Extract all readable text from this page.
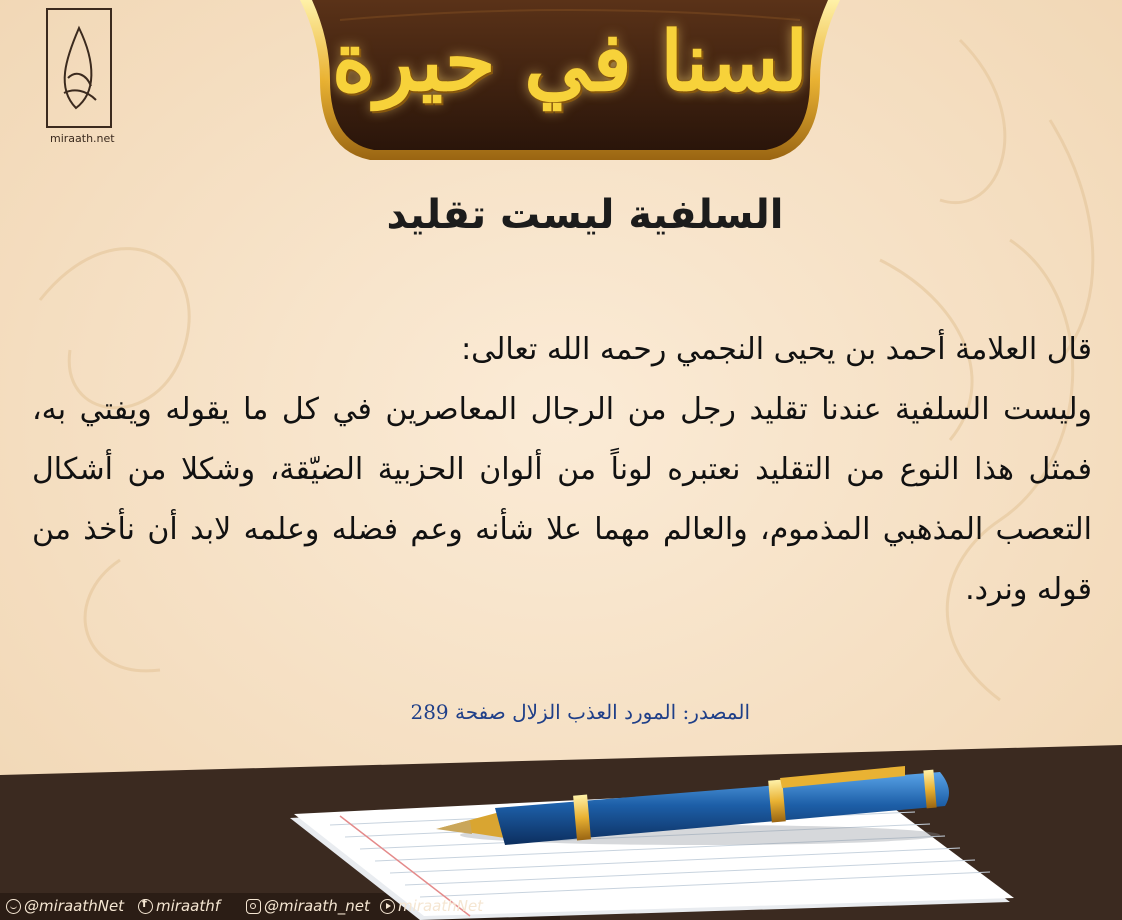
لسنا في حيرة
miraath.net
السلفية ليست تقليد

قال العلامة أحمد بن يحيى النجمي رحمه الله تعالى:

وليست السلفية عندنا تقليد رجل من الرجال المعاصرين في كل ما يقوله ويفتي به، فمثل هذا النوع من التقليد نعتبره لوناً من ألوان الحزبية الضيّقة، وشكلا من أشكال التعصب المذهبي المذموم، والعالم مهما علا شأنه وعم فضله وعلمه لابد أن نأخذ من قوله ونرد.

المصدر: المورد العذب الزلال صفحة 289
@miraathNet
f	miraathf	@miraath_net	miraathNet
